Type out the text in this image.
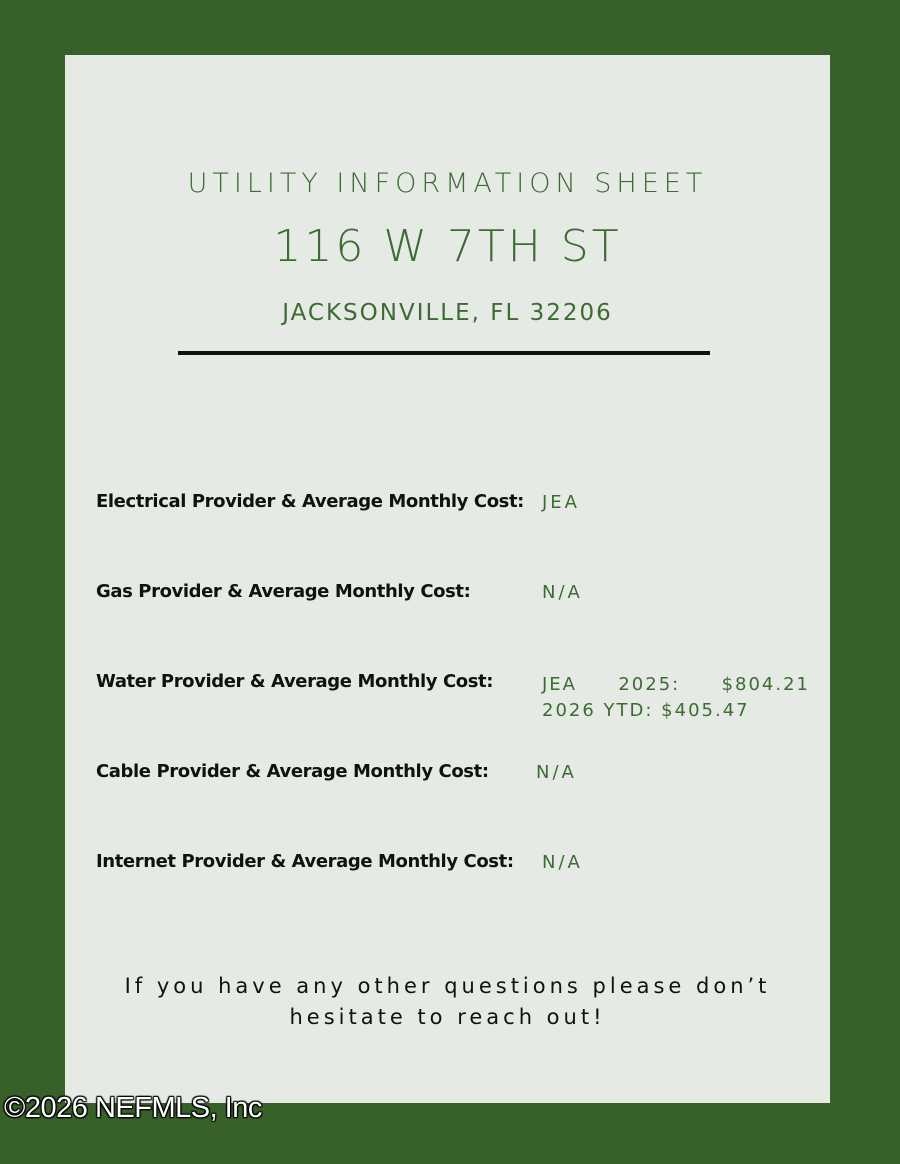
UTILITY INFORMATION SHEET
116 W 7TH ST
JACKSONVILLE, FL 32206
Electrical Provider & Average Monthly Cost: JEA
Gas Provider & Average Monthly Cost:	N/A
Water Provider & Average Monthly Cost:	JEA 2025: $804.21
2026 YTD: $405.47
Cable Provider & Average Monthly Cost:	N/A
Internet Provider & Average Monthly Cost: N/A
If you have any other questions please don’t hesitate to reach out!
©2026 NEFMLS, Inc
